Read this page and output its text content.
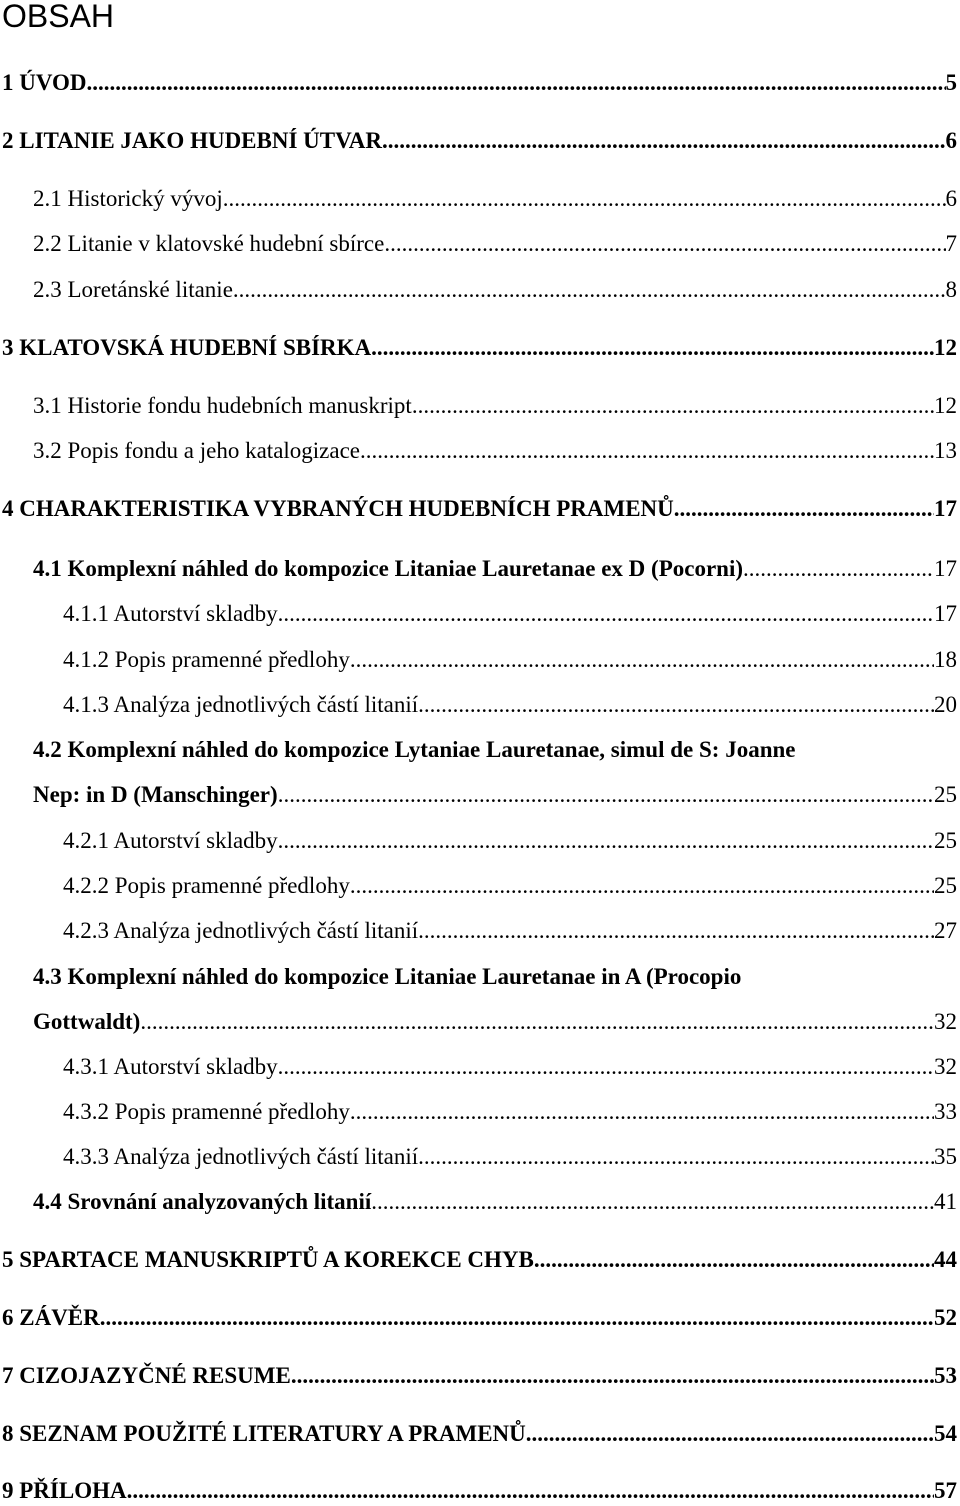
OBSAH
1 ÚVOD .....	5
2 LITANIE JAKO HUDEBNÍ ÚTVAR .....	6
2.1 Historický vývoj .....	6
2.2 Litanie v klatovské hudební sbírce .....	7
2.3 Loretánské litanie .....	8
3 KLATOVSKÁ HUDEBNÍ SBÍRKA .....	12
3.1 Historie fondu hudebních manuskript .....	12
3.2 Popis fondu a jeho katalogizace .....	13
4 CHARAKTERISTIKA VYBRANÝCH HUDEBNÍCH PRAMENŮ .....	17
4.1 Komplexní náhled do kompozice Litaniae Lauretanae ex D (Pocorni) .....	17
4.1.1 Autorství skladby .....	17
4.1.2 Popis pramenné předlohy .....	18
4.1.3 Analýza jednotlivých částí litanií .....	20
4.2 Komplexní náhled do kompozice Lytaniae Lauretanae, simul de S: Joanne
Nep: in D (Manschinger) .....	25
4.2.1 Autorství skladby .....	25
4.2.2 Popis pramenné předlohy .....	25
4.2.3 Analýza jednotlivých částí litanií .....	27
4.3 Komplexní náhled do kompozice Litaniae Lauretanae in A (Procopio
Gottwaldt) .....	32
4.3.1 Autorství skladby .....	32
4.3.2 Popis pramenné předlohy .....	33
4.3.3 Analýza jednotlivých částí litanií .....	35
4.4 Srovnání analyzovaných litanií .....	41
5 SPARTACE MANUSKRIPTŮ A KOREKCE CHYB .....	44
6 ZÁVĚR .....	52
7 CIZOJAZYČNÉ RESUME .....	53
8 SEZNAM POUŽITÉ LITERATURY A PRAMENŮ .....	54
9 PŘÍLOHA .....	57
